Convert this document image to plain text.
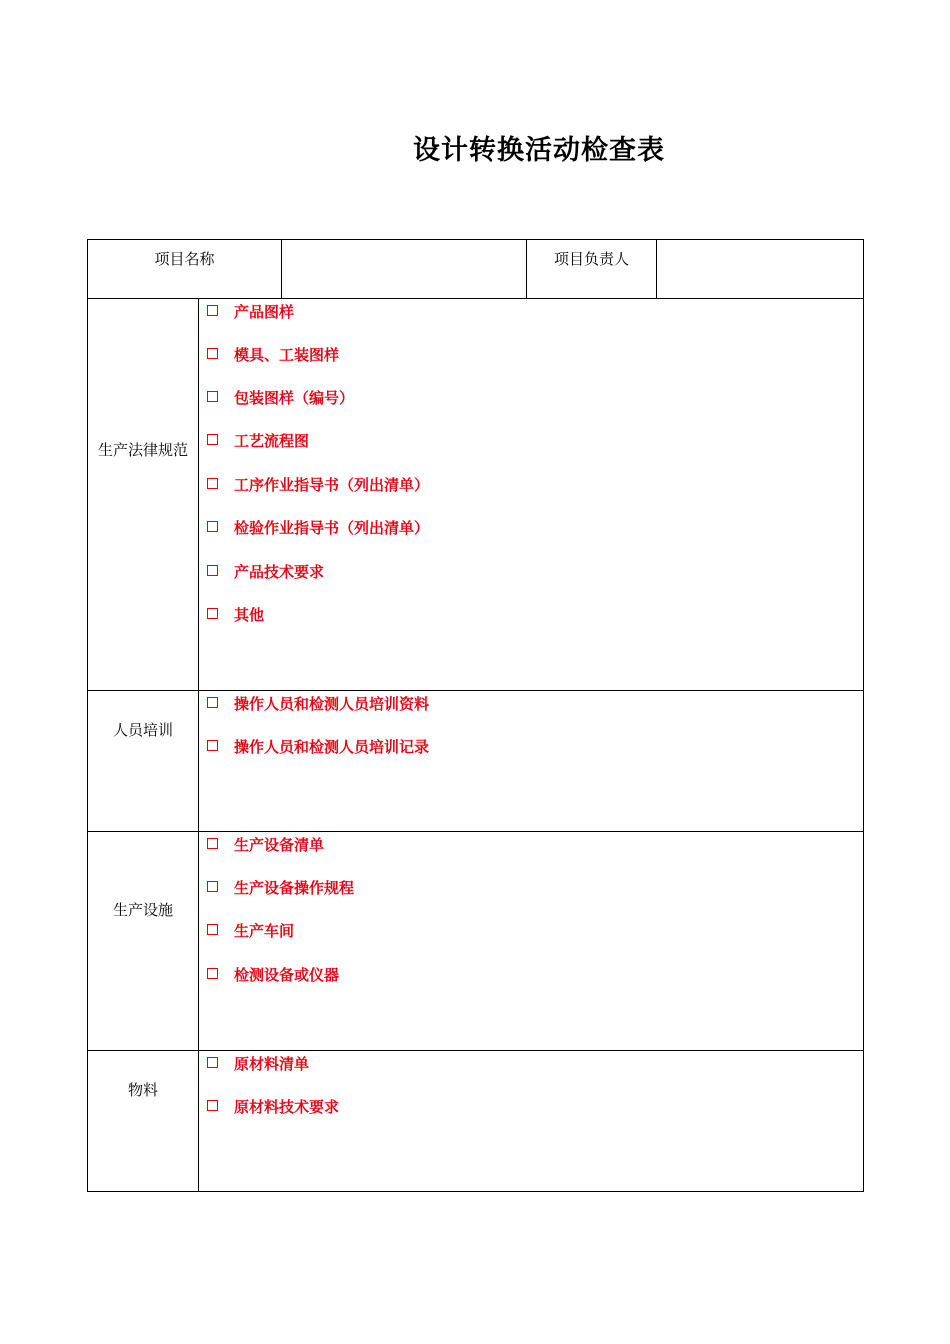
设计转换活动检查表
项目名称	项目负责人
生产法律规范
人员培训
生产设施
物料
产品图样
模具、工装图样
包装图样（编号）
工艺流程图
工序作业指导书（列出清单）
检验作业指导书（列出清单）
产品技术要求
其他
操作人员和检测人员培训资料
操作人员和检测人员培训记录
生产设备清单
生产设备操作规程
生产车间
检测设备或仪器
原材料清单
原材料技术要求
